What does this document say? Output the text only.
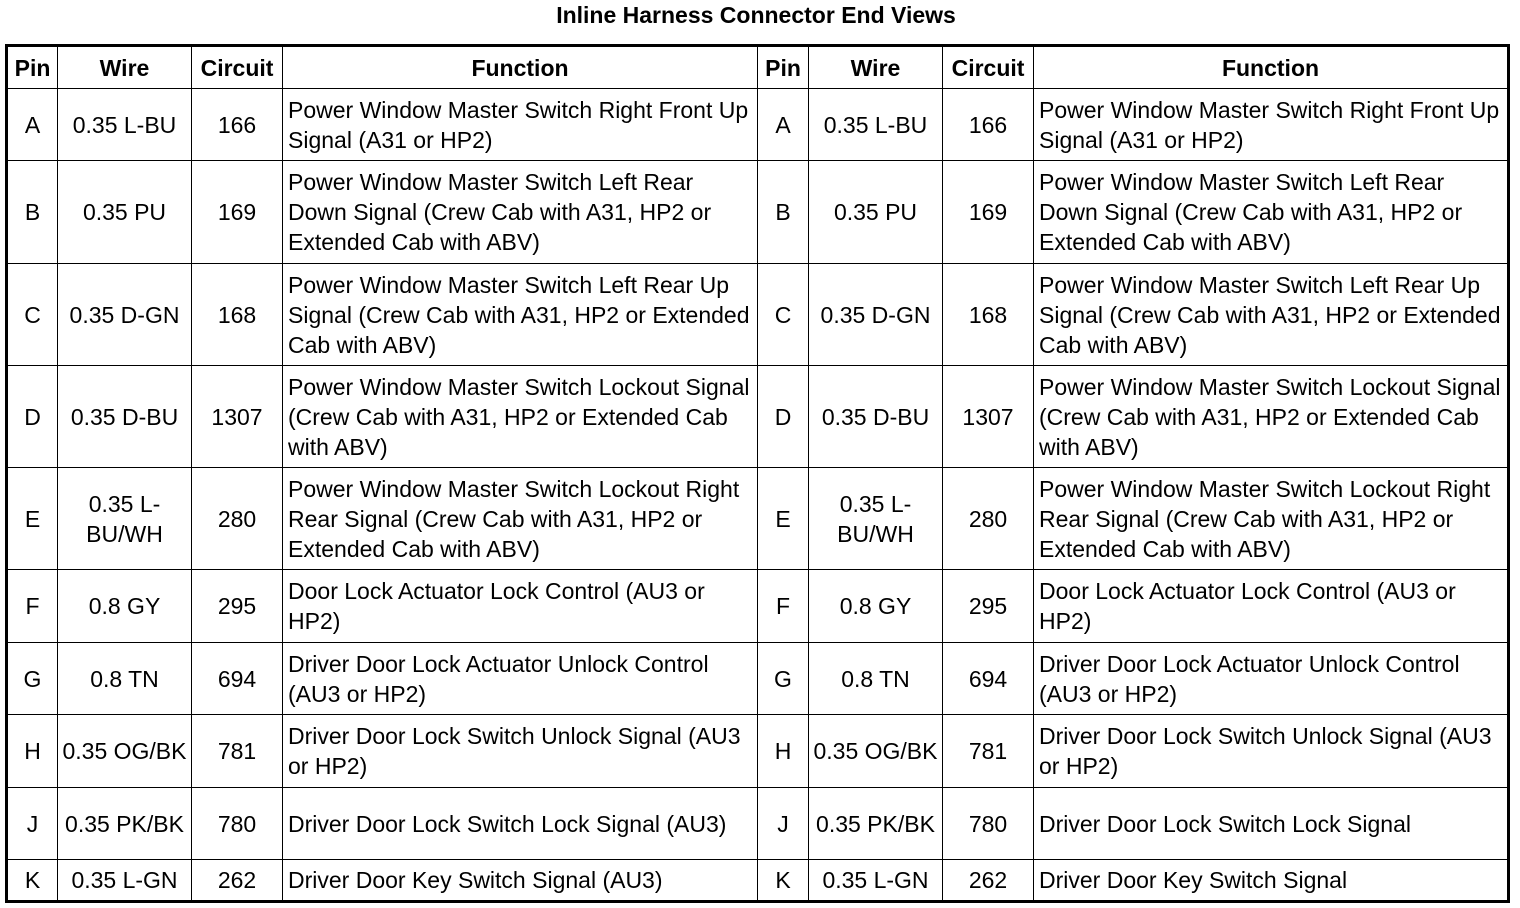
Inline Harness Connector End Views
Pin	Wire	Circuit	Function	Pin	Wire	Circuit	Function
A	0.35 L-BU	166	Power Window Master Switch Right Front Up Signal (A31 or HP2)	A	0.35 L-BU	166	Power Window Master Switch Right Front Up Signal (A31 or HP2)
B	0.35 PU	169	Power Window Master Switch Left Rear Down Signal (Crew Cab with A31, HP2 or Extended Cab with ABV)	B	0.35 PU	169	Power Window Master Switch Left Rear Down Signal (Crew Cab with A31, HP2 or Extended Cab with ABV)
C	0.35 D-GN	168	Power Window Master Switch Left Rear Up Signal (Crew Cab with A31, HP2 or Extended Cab with ABV)	C	0.35 D-GN	168	Power Window Master Switch Left Rear Up Signal (Crew Cab with A31, HP2 or Extended Cab with ABV)
D	0.35 D-BU	1307	Power Window Master Switch Lockout Signal (Crew Cab with A31, HP2 or Extended Cab with ABV)	D	0.35 D-BU	1307	Power Window Master Switch Lockout Signal (Crew Cab with A31, HP2 or Extended Cab with ABV)
E	0.35 L-BU/WH	280	Power Window Master Switch Lockout Right Rear Signal (Crew Cab with A31, HP2 or Extended Cab with ABV)	E	0.35 L-BU/WH	280	Power Window Master Switch Lockout Right Rear Signal (Crew Cab with A31, HP2 or Extended Cab with ABV)
F	0.8 GY	295	Door Lock Actuator Lock Control (AU3 or HP2)	F	0.8 GY	295	Door Lock Actuator Lock Control (AU3 or HP2)
G	0.8 TN	694	Driver Door Lock Actuator Unlock Control (AU3 or HP2)	G	0.8 TN	694	Driver Door Lock Actuator Unlock Control (AU3 or HP2)
H	0.35 OG/BK	781	Driver Door Lock Switch Unlock Signal (AU3 or HP2)	H	0.35 OG/BK	781	Driver Door Lock Switch Unlock Signal (AU3 or HP2)
J	0.35 PK/BK	780	Driver Door Lock Switch Lock Signal (AU3)	J	0.35 PK/BK	780	Driver Door Lock Switch Lock Signal
K	0.35 L-GN	262	Driver Door Key Switch Signal (AU3)	K	0.35 L-GN	262	Driver Door Key Switch Signal
